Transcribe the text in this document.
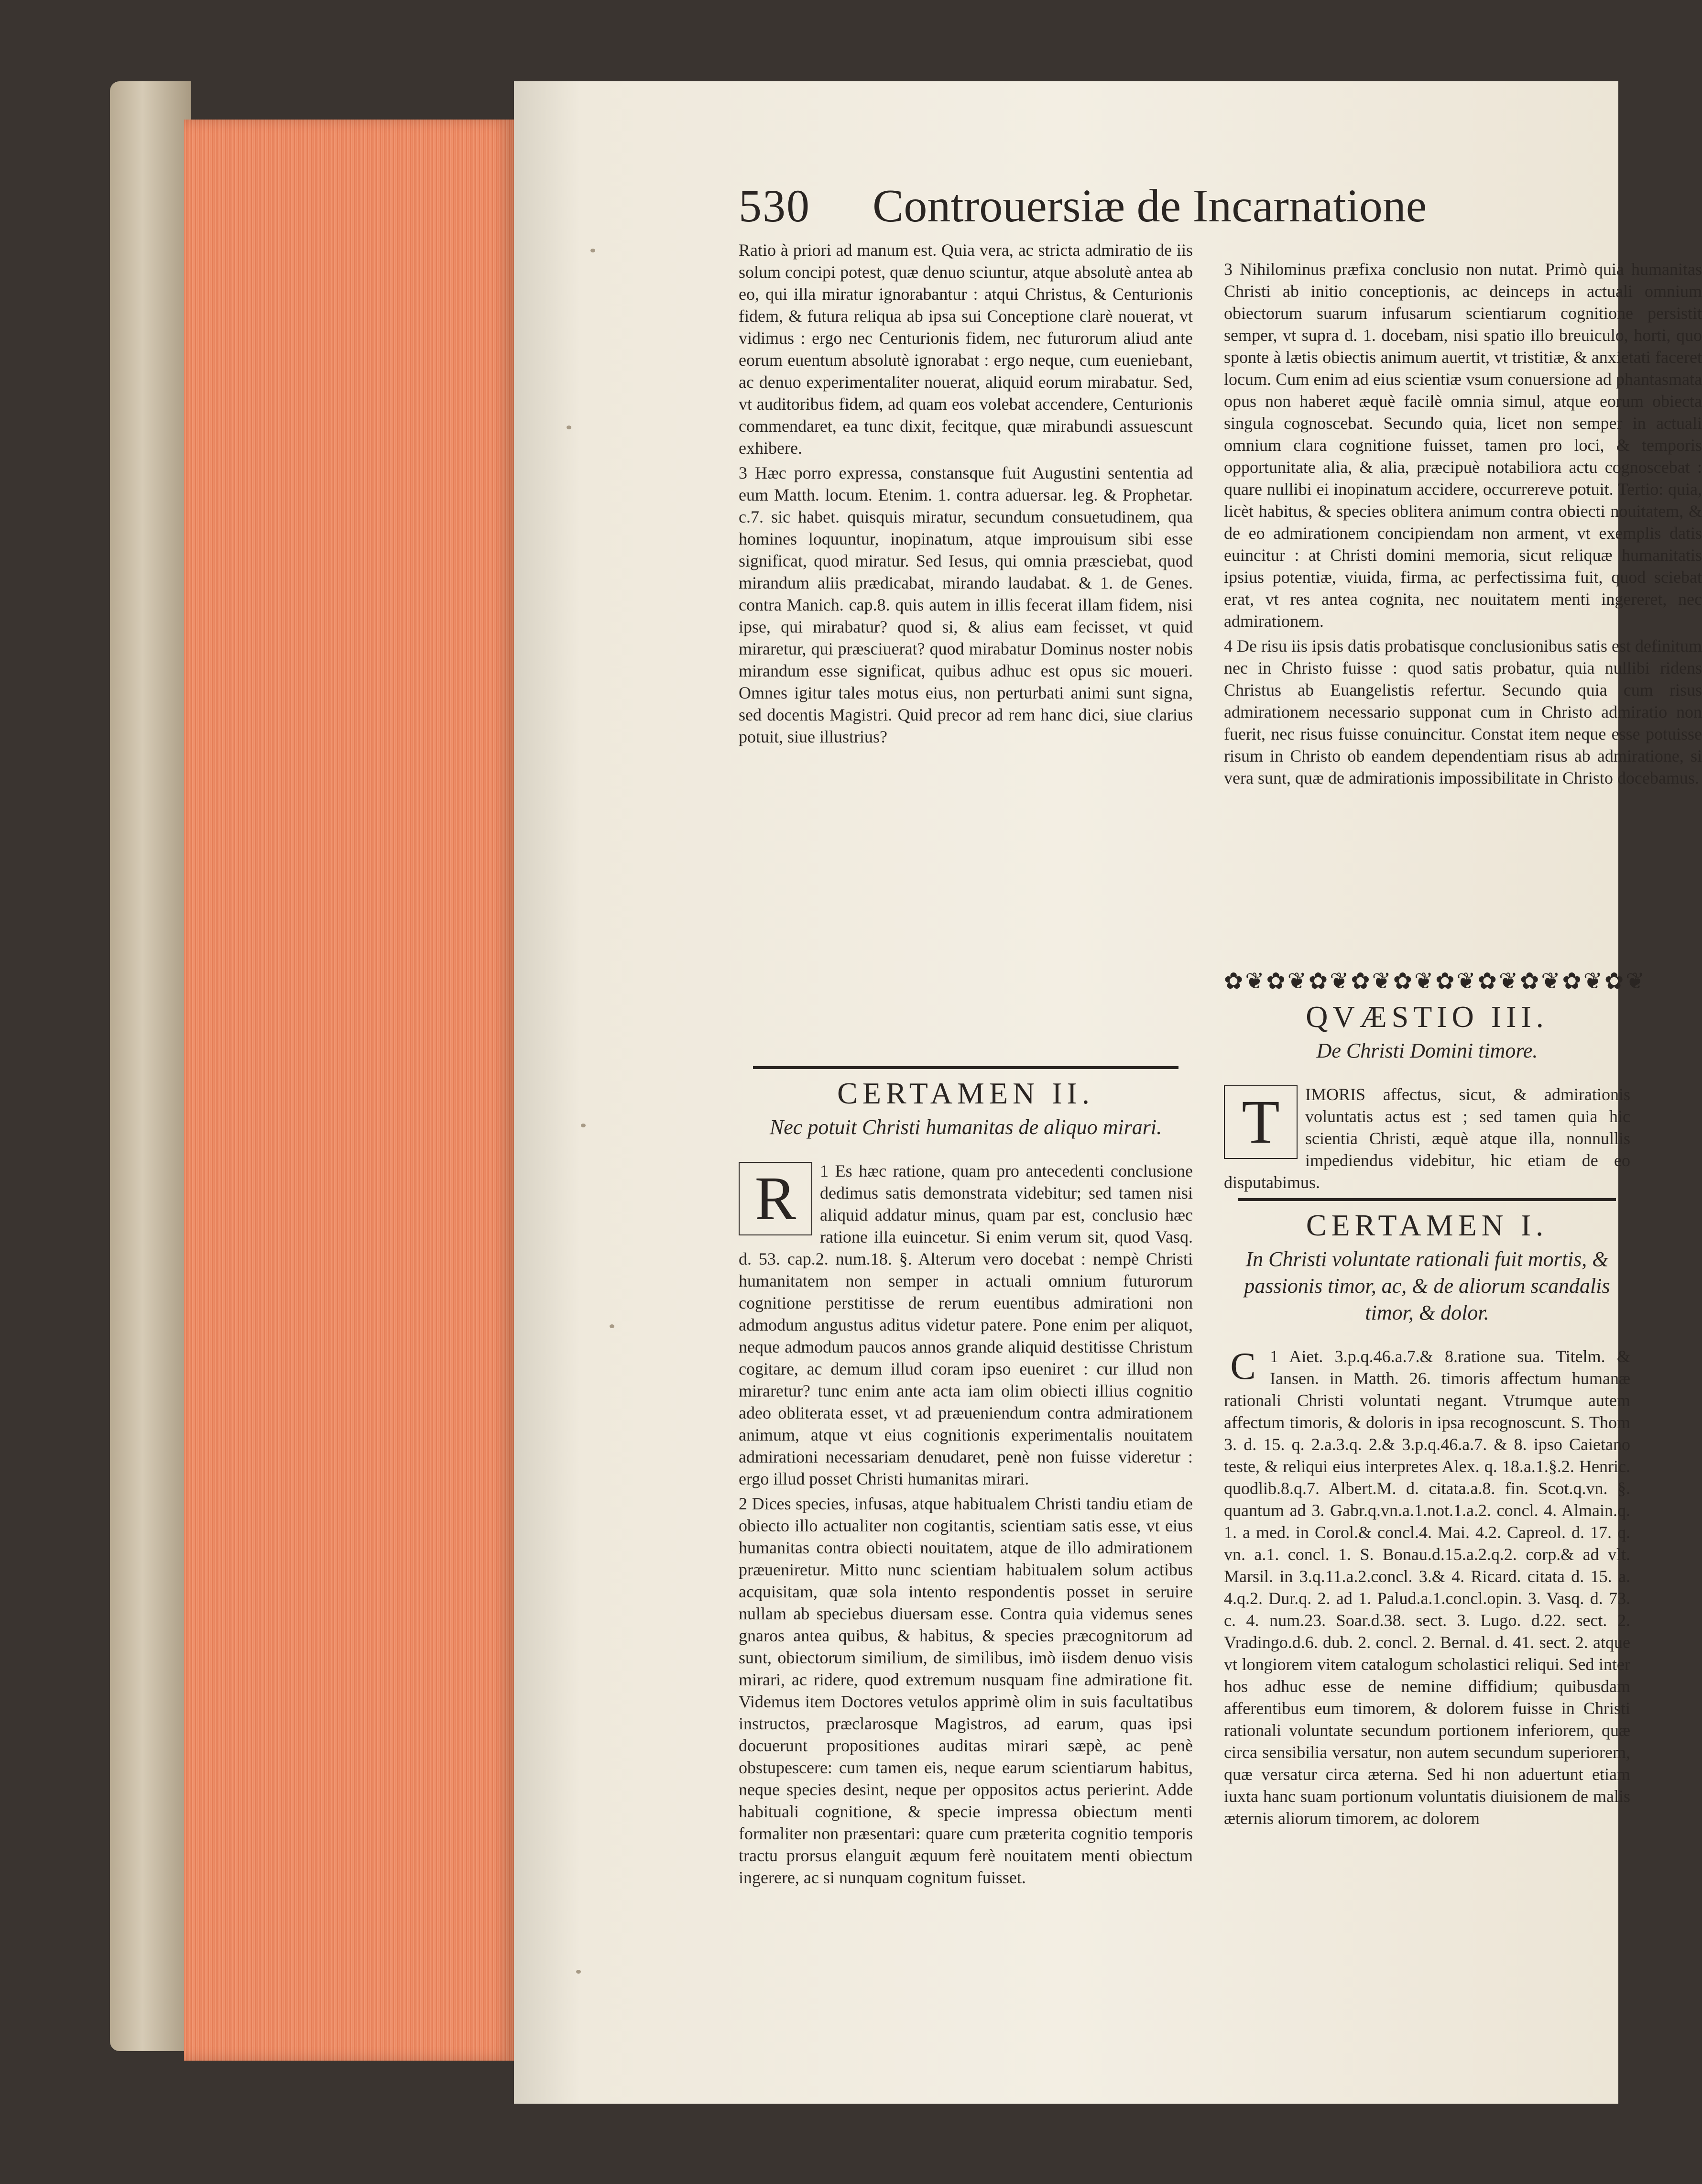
530 Controuersiæ de Incarnatione

Ratio à priori ad manum est. Quia vera, ac strictа admiratio de iis solum concipi potest, quæ denuo sciuntur, atque absolutè antea ab eo, qui illa miratur ignorabantur : atqui Christus, & Centurionis fidem, & futura reliqua ab ipsa sui Conceptione clarè nouerat, vt vidimus : ergo nec Centurionis fidem, nec futurorum aliud ante eorum euentum absolutè ignorabat : ergo neque, cum eueniebant, ac denuo experimentaliter nouerat, aliquid eorum mirabatur. Sed, vt auditoribus fidem, ad quam eos volebat accendere, Centurionis commendaret, ea tunc dixit, fecitque, quæ mirabundi assuescunt exhibere.

3 Hæc porro expressa, constansque fuit Augustini sententia ad eum Matth. locum. Etenim. 1. contra aduersar. leg. & Prophetar. c.7. sic habet. quisquis miratur, secundum consuetudinem, qua homines loquuntur, inopinatum, atque improuisum sibi esse significat, quod miratur. Sed Iesus, qui omnia præsciebat, quod mirandum aliis prædicabat, mirando laudabat. & 1. de Genes. contra Manich. cap.8. quis autem in illis fecerat illam fidem, nisi ipse, qui mirabatur? quod si, & alius eam fecisset, vt quid miraretur, qui præsciuerat? quod mirabatur Dominus noster nobis mirandum esse significat, quibus adhuc est opus sic moueri. Omnes igitur tales motus eius, non perturbati animi sunt signa, sed docentis Magistri. Quid precor ad rem hanc dici, siue clarius potuit, siue illustrius?

3 Nihilominus præfixa conclusio non nutat. Primò quia humanitas Christi ab initio conceptionis, ac deinceps in actuali omnium obiectorum suarum infusarum scientiarum cognitione persistit semper, vt supra d. 1. docebam, nisi spatio illo breuiculo, horti, quo sponte à lætis obiectis animum auertit, vt tristitiæ, & anxietati faceret locum. Cum enim ad eius scientiæ vsum conuersione ad phantasmata opus non haberet æquè facilè omnia simul, atque eorum obiecta singula cognoscebat. Secundo quia, licet non semper in actuali omnium clara cognitione fuisset, tamen pro loci, & temporis opportunitate alia, & alia, præcipuè notabiliora actu cognoscebat : quare nullibi ei inopinatum accidere, occurrereve potuit. Tertio: quia, licèt habitus, & species oblitera animum contra obiecti nouitatem, & de eo admirationem concipiendam non arment, vt exemplis datis euincitur : at Christi domini memoria, sicut reliquæ humanitatis ipsius potentiæ, viuida, firma, ac perfectissima fuit, quod sciebat erat, vt res antea cognita, nec nouitatem menti ingereret, nec admirationem.

4 De risu iis ipsis datis probatisque conclusionibus satis est definitum nec in Christo fuisse : quod satis probatur, quia nullibi ridens Christus ab Euangelistis refertur. Secundo quia cum risus admirationem necessario supponat cum in Christo admiratio non fuerit, nec risus fuisse conuincitur. Constat item neque esse potuisse risum in Christo ob eandem dependentiam risus ab admiratione, si vera sunt, quæ de admirationis impossibilitate in Christo docebamus.

CERTAMEN II.
Nec potuit Christi humanitas de aliquo mirari.

R	1 Es hæc ratione, quam pro antecedenti conclusione dedimus satis demonstrata videbitur; sed tamen nisi aliquid addatur minus, quam par est, conclusio hæc ratione illa euincetur. Si enim verum sit, quod Vasq. d. 53. cap.2. num.18. §. Alterum vero docebat : nempè Christi humanitatem non semper in actuali omnium futurorum cognitione perstitisse de rerum euentibus admirationi non admodum angustus aditus videtur patere. Pone enim per aliquot, neque admodum paucos annos grande aliquid destitisse Christum cogitare, ac demum illud coram ipso eueniret : cur illud non miraretur? tunc enim ante acta iam olim obiecti illius cognitio adeo obliterata esset, vt ad præueniendum contra admirationem animum, atque vt eius cognitionis experimentalis nouitatem admirationi necessariam denudaret, penè non fuisse videretur : ergo illud posset Christi humanitas mirari.

2 Dices species, infusas, atque habitualem Christi tandiu etiam de obiecto illo actualiter non cogitantis, scientiam satis esse, vt eius humanitas contra obiecti nouitatem, atque de illo admirationem præueniretur. Mitto nunc scientiam habitualem solum actibus acquisitam, quæ sola intento respondentis posset in seruire nullam ab speciebus diuersam esse. Contra quia videmus senes gnaros antea quibus, & habitus, & species præcognitorum ad sunt, obiectorum similium, de similibus, imò iisdem denuo visis mirari, ac ridere, quod extremum nusquam fine admiratione fit. Videmus item Doctores vetulos apprimè olim in suis facultatibus instructos, præclarosque Magistros, ad earum, quas ipsi docuerunt propositiones auditas mirari sæpè, ac penè obstupescere: cum tamen eis, neque earum scientiarum habitus, neque species desint, neque per oppositos actus perierint. Adde habituali cognitione, & specie impressa obiectum menti formaliter non præsentari: quare cum præterita cognitio temporis tractu prorsus elanguit æquum ferè nouitatem menti obiectum ingerere, ac si nunquam cognitum fuisset.

✿❦✿❦✿❦✿❦✿❦✿❦✿❦✿❦✿❦✿❦
QVÆSTIO III.
De Christi Domini timore.

T	IMORIS affectus, sicut, & admirationis voluntatis actus est ; sed tamen quia hic scientia Christi, æquè atque illa, nonnullis impediendus videbitur, hic etiam de eo disputabimus.

CERTAMEN I.
In Christi voluntate rationali fuit mortis, & passionis timor, ac, & de aliorum scandalis timor, & dolor.

C 1 Aiet. 3.p.q.46.a.7.& 8.ratione sua. Titelm. & Iansen. in Matth. 26. timoris affectum humanæ rationali Christi voluntati negant. Vtrumque autem affectum timoris, & doloris in ipsa recognoscunt. S. Thom 3. d. 15. q. 2.a.3.q. 2.& 3.p.q.46.a.7. & 8. ipso Caietano teste, & reliqui eius interpretes Alex. q. 18.a.1.§.2. Henric. quodlib.8.q.7. Albert.M. d. citata.a.8. fin. Scot.q.vn. §. quantum ad 3. Gabr.q.vn.a.1.not.1.a.2. concl. 4. Almain.q. 1. a med. in Corol.& concl.4. Mai. 4.2. Capreol. d. 17. q. vn. a.1. concl. 1. S. Bonau.d.15.a.2.q.2. corp.& ad vlt. Marsil. in 3.q.11.a.2.concl. 3.& 4. Ricard. citata d. 15. a. 4.q.2. Dur.q. 2. ad 1. Palud.a.1.concl.opin. 3. Vasq. d. 73. c. 4. num.23. Soar.d.38. sect. 3. Lugo. d.22. sect. 2. Vradingo.d.6. dub. 2. concl. 2. Bernal. d. 41. sect. 2. atque vt longiorem vitem catalogum scholastici reliqui. Sed inter hos adhuc esse de nemine diffidium; quibusdam afferentibus eum timorem, & dolorem fuisse in Christi rationali voluntate secundum portionem inferiorem, quæ circa sensibilia versatur, non autem secundum superiorem, quæ versatur circa æterna. Sed hi non aduertunt etiam iuxta hanc suam portionum voluntatis diuisionem de malis æternis aliorum timorem, ac dolorem
